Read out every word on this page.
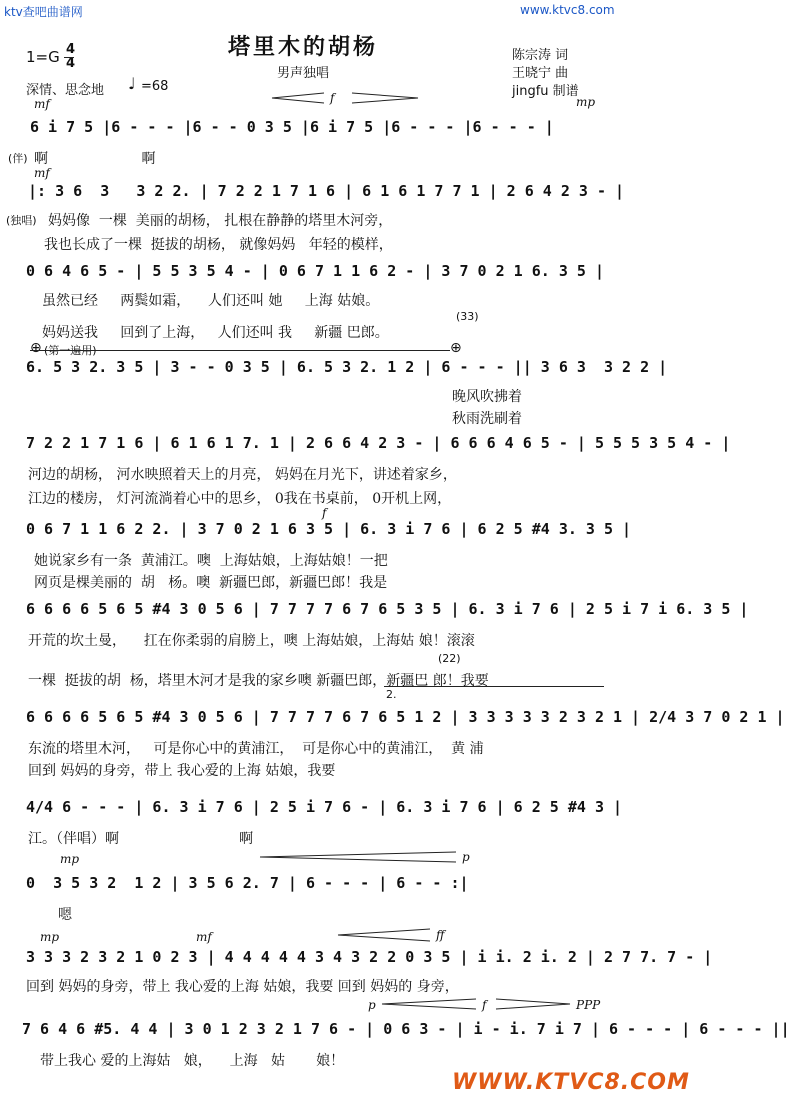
ktv查吧曲谱网	www.ktvc8.com
塔里木的胡杨
男声独唱
1=G 4
4
深情、思念地 ♩ =68
陈宗涛 词
王晓宁 曲
jingfu 制谱
mf	f	mp
6 i 7 5 |6 - - - |6 - - 0 3 5 |6 i 7 5 |6 - - - |6 - - - |
(伴) 啊                     啊
mf
|: 3 6  3   3 2 2. | 7 2 2 1 7 1 6 | 6 1 6 1 7 7 1 | 2 6 4 2 3 - |
(独唱) 妈妈像  一棵  美丽的胡杨， 扎根在静静的塔里木河旁，
我也长成了一棵  挺拔的胡杨， 就像妈妈   年轻的模样，
0 6 4 6 5 - | 5 5 3 5 4 - | 0 6 7 1 1 6 2 - | 3 7 0 2 1 6. 3 5 |
虽然已经     两鬓如霜，    人们还叫 她     上海 姑娘。
妈妈送我     回到了上海，   人们还叫 我     新疆 巴郎。
(33)
⊕ (第一遍用)	⊕
6. 5 3 2. 3 5 | 3 - - 0 3 5 | 6. 5 3 2. 1 2 | 6 - - - || 3 6 3  3 2 2 |
晚风吹拂着
秋雨洗刷着
7 2 2 1 7 1 6 | 6 1 6 1 7. 1 | 2 6 6 4 2 3 - | 6 6 6 4 6 5 - | 5 5 5 3 5 4 - |
河边的胡杨， 河水映照着天上的月亮， 妈妈在月光下，讲述着家乡，
江边的楼房， 灯河流淌着心中的思乡， 0我在书桌前， 0开机上网，
f
0 6 7 1 1 6 2 2. | 3 7 0 2 1 6 3 5 | 6. 3 i 7 6 | 6 2 5 #4 3. 3 5 |
她说家乡有一条  黄浦江。噢  上海姑娘，上海姑娘！一把
网页是棵美丽的  胡   杨。噢  新疆巴郎，新疆巴郎！我是
6 6 6 6 5 6 5 #4 3 0 5 6 | 7 7 7 7 6 7 6 5 3 5 | 6. 3 i 7 6 | 2 5 i 7 i 6. 3 5 |
开荒的坎土曼，    扛在你柔弱的肩膀上，噢 上海姑娘，上海姑 娘！滚滚
(22)
一棵  挺拔的胡  杨，塔里木河才是我的家乡噢 新疆巴郎，新疆巴 郎！我要
2.
6 6 6 6 5 6 5 #4 3 0 5 6 | 7 7 7 7 6 7 6 5 1 2 | 3 3 3 3 3 2 3 2 1 | 2/4 3 7 0 2 1 |
东流的塔里木河，   可是你心中的黄浦江，  可是你心中的黄浦江，  黄 浦
回到 妈妈的身旁，带上 我心爱的上海 姑娘，我要
4/4 6 - - - | 6. 3 i 7 6 | 2 5 i 7 6 - | 6. 3 i 7 6 | 6 2 5 #4 3 |
江。（伴唱）啊                           啊
mp	p
0  3 5 3 2  1 2 | 3 5 6 2. 7 | 6 - - - | 6 - - :|
嗯
mp	mf	ff
3 3 3 2 3 2 1 0 2 3 | 4 4 4 4 4 3 4 3 2 2 0 3 5 | i i. 2 i. 2 | 2 7 7. 7 - |
回到 妈妈的身旁，带上 我心爱的上海 姑娘，我要 回到 妈妈的 身旁，
p	f	PPP
7 6 4 6 #5. 4 4 | 3 0 1 2 3 2 1 7 6 - | 0 6 3 - | i - i. 7 i 7 | 6 - - - | 6 - - - ||
带上我心 爱的上海姑   娘，    上海   姑       娘！
WWW.KTVC8.COM
